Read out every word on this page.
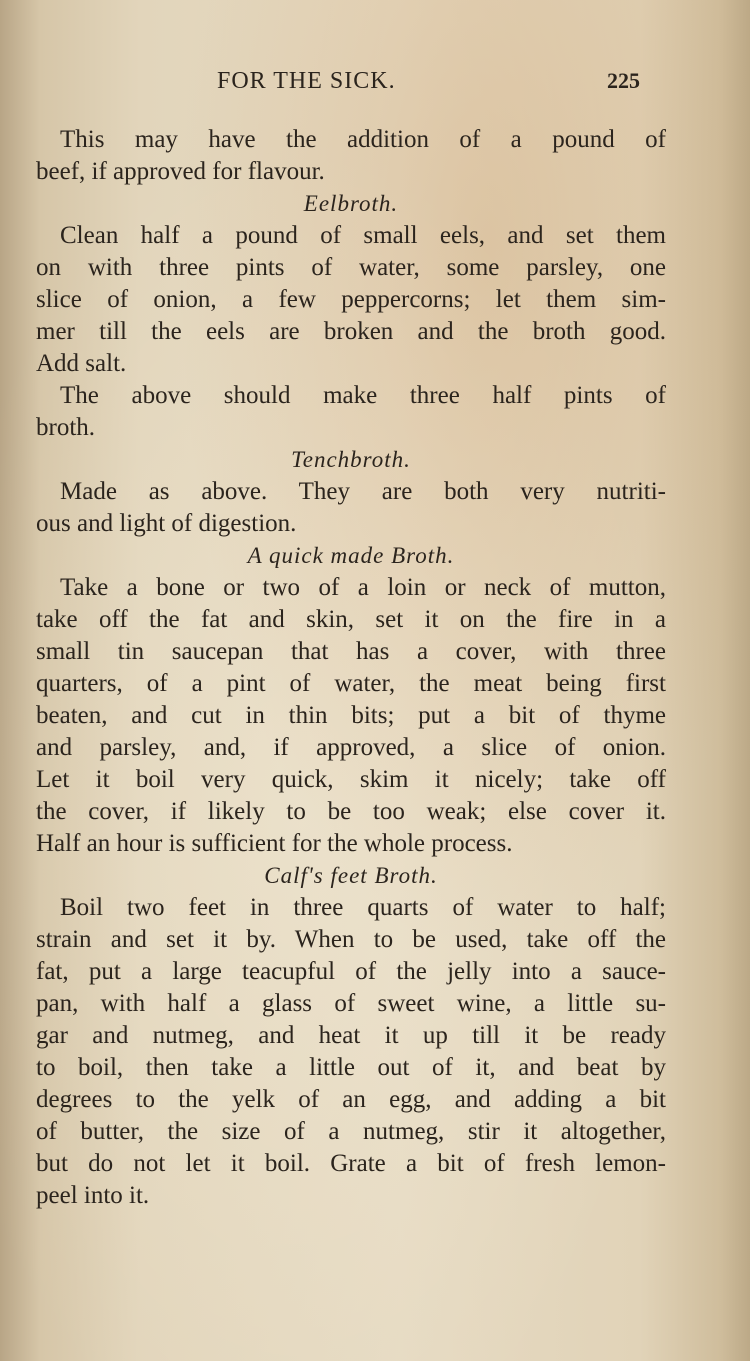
FOR THE SICK.	225
This may have the addition of a pound of
beef, if approved for flavour.
Eelbroth.
Clean half a pound of small eels, and set them
on with three pints of water, some parsley, one
slice of onion, a few peppercorns; let them sim-
mer till the eels are broken and the broth good.
Add salt.
The above should make three half pints of
broth.
Tenchbroth.
Made as above. They are both very nutriti-
ous and light of digestion.
A quick made Broth.
Take a bone or two of a loin or neck of mutton,
take off the fat and skin, set it on the fire in a
small tin saucepan that has a cover, with three
quarters, of a pint of water, the meat being first
beaten, and cut in thin bits; put a bit of thyme
and parsley, and, if approved, a slice of onion.
Let it boil very quick, skim it nicely; take off
the cover, if likely to be too weak; else cover it.
Half an hour is sufficient for the whole process.
Calf's feet Broth.
Boil two feet in three quarts of water to half;
strain and set it by. When to be used, take off the
fat, put a large teacupful of the jelly into a sauce-
pan, with half a glass of sweet wine, a little su-
gar and nutmeg, and heat it up till it be ready
to boil, then take a little out of it, and beat by
degrees to the yelk of an egg, and adding a bit
of butter, the size of a nutmeg, stir it altogether,
but do not let it boil. Grate a bit of fresh lemon-
peel into it.
